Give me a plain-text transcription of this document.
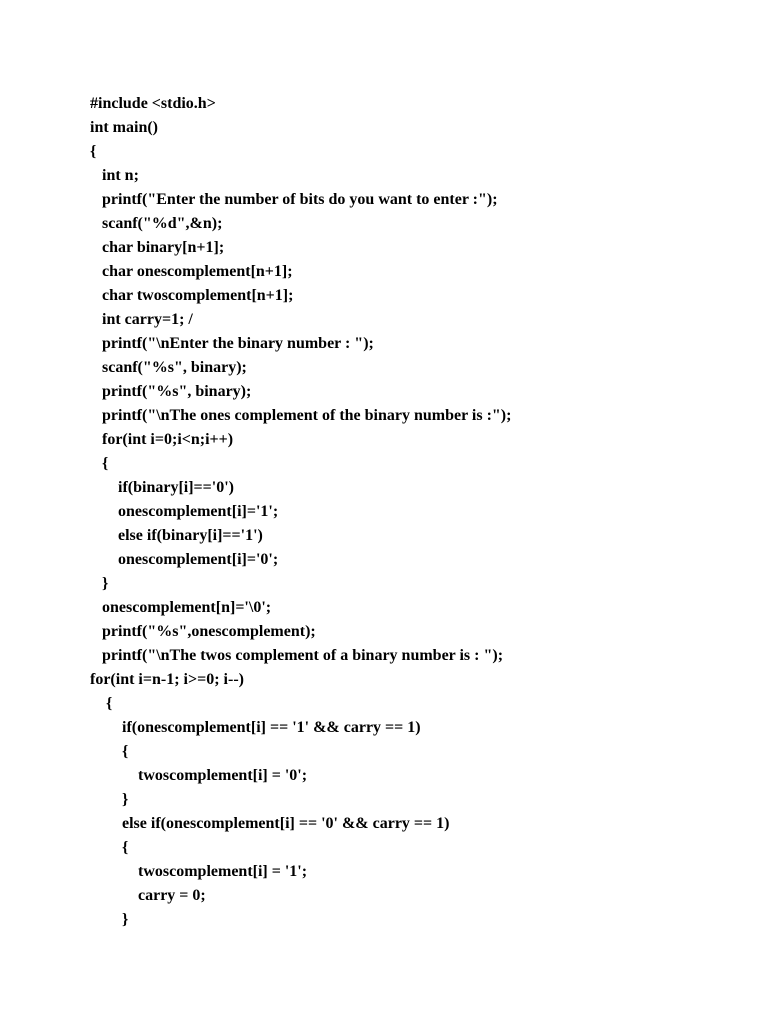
#include <stdio.h>
int main()
{
int n;
printf("Enter the number of bits do you want to enter :");
scanf("%d",&n);
char binary[n+1];
char onescomplement[n+1];
char twoscomplement[n+1];
int carry=1; /
printf("\nEnter the binary number : ");
scanf("%s", binary);
printf("%s", binary);
printf("\nThe ones complement of the binary number is :");
for(int i=0;i<n;i++)
{
if(binary[i]=='0')
onescomplement[i]='1';
else if(binary[i]=='1')
onescomplement[i]='0';
}
onescomplement[n]='\0';
printf("%s",onescomplement);
printf("\nThe twos complement of a binary number is : ");
for(int i=n-1; i>=0; i--)
{
if(onescomplement[i] == '1' && carry == 1)
{
twoscomplement[i] = '0';
}
else if(onescomplement[i] == '0' && carry == 1)
{
twoscomplement[i] = '1';
carry = 0;
}
